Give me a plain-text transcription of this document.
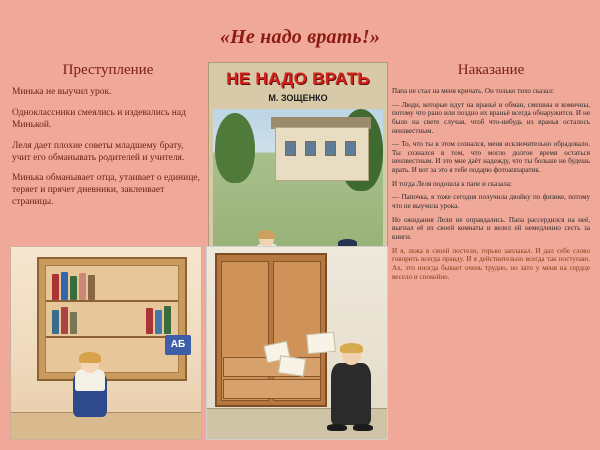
«Не надо врать!»
Преступление

Минька не выучил урок.

Одноклассники смеялись и издевались над Минькой.

Леля дает плохие советы младшему брату, учит его обманывать родителей и учителя.

Минька обманывает отца, утаивает о единице, теряет и прячет дневники, заклеивает страницы.

Наказание

Папа не стал на меня кричать. Он только тихо сказал:

— Люди, которые идут на враньё и обман, смешны и комичны, потому что рано или поздно их враньё всегда обнаружится. И не было на свете случая, чтоб что-нибудь из вранья осталось неизвестным.

— То, что ты в этом сознался, меня исключительно обрадовало. Ты сознался в том, что могло долгое время остаться неизвестным. И это мне даёт надежду, что ты больше не будешь врать. И вот за это я тебе подарю фотоаппаратик.

И тогда Леля подошла к папе и сказала:

— Папочка, я тоже сегодня получила двойку по физике, потому что не выучила урока.

Но ожидания Лели не оправдались. Папа рассердился на неё, выгнал её из своей комнаты и велел ей немедленно сесть за книги.

И я, лежа в своей постели, горько заплакал. И дал себе слово говорить всегда правду. И я действительно всегда так поступаю. Ах, это иногда бывает очень трудно, но зато у меня на сердце весело и спокойно.

НЕ НАДО ВРАТЬ
М. ЗОЩЕНКО
АБ
